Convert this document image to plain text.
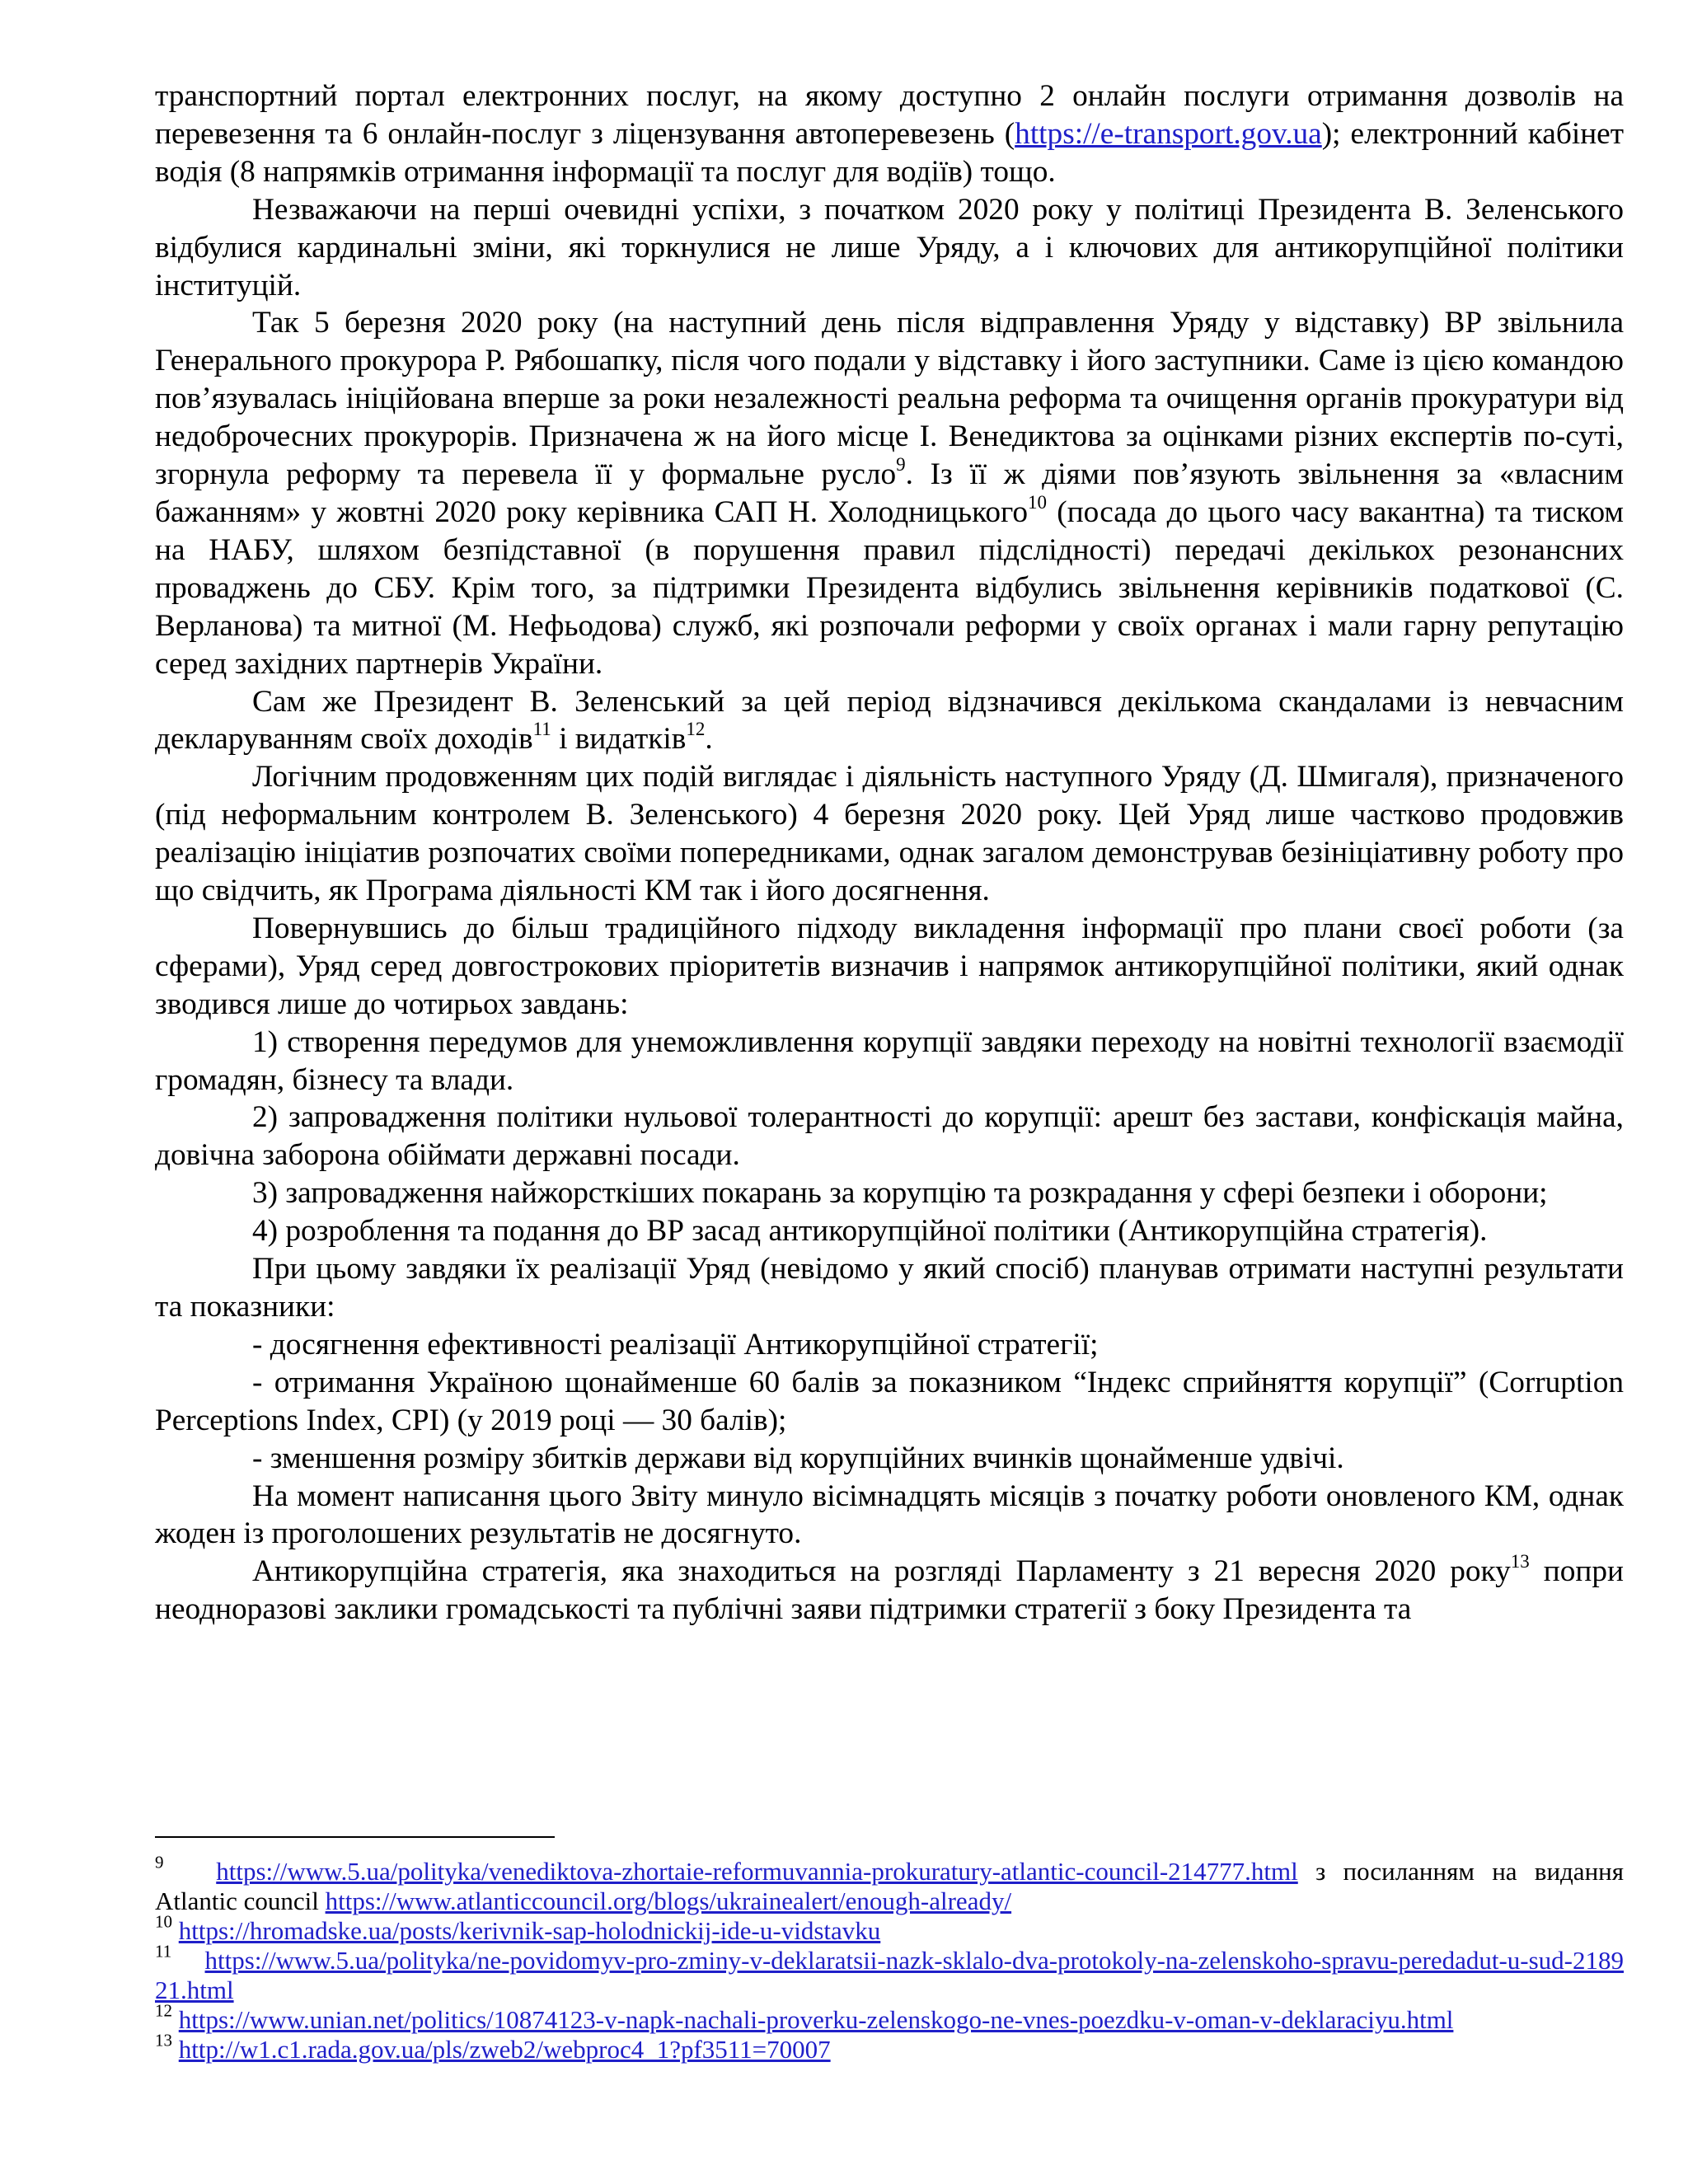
транспортний портал електронних послуг, на якому доступно 2 онлайн послуги отримання дозволів на перевезення та 6 онлайн-послуг з ліцензування автоперевезень (https://e-transport.gov.ua); електронний кабінет водія (8 напрямків отримання інформації та послуг для водіїв) тощо.

Незважаючи на перші очевидні успіхи, з початком 2020 року у політиці Президента В. Зеленського відбулися кардинальні зміни, які торкнулися не лише Уряду, а і ключових для антикорупційної політики інституцій.

Так 5 березня 2020 року (на наступний день після відправлення Уряду у відставку) ВР звільнила Генерального прокурора Р. Рябошапку, після чого подали у відставку і його заступники. Саме із цією командою пов’язувалась ініційована вперше за роки незалежності реальна реформа та очищення органів прокуратури від недоброчесних прокурорів. Призначена ж на його місце І. Венедиктова за оцінками різних експертів по-суті, згорнула реформу та перевела її у формальне русло$^9$. Із її ж діями пов’язують звільнення за «власним бажанням» у жовтні 2020 року керівника САП Н. Холодницького$^{10}$ (посада до цього часу вакантна) та тиском на НАБУ, шляхом безпідставної (в порушення правил підслідності) передачі декількох резонансних проваджень до СБУ. Крім того, за підтримки Президента відбулись звільнення керівників податкової (С. Верланова) та митної (М. Нефьодова) служб, які розпочали реформи у своїх органах і мали гарну репутацію серед західних партнерів України.

Сам же Президент В. Зеленський за цей період відзначився декількома скандалами із невчасним декларуванням своїх доходів$^{11}$ і видатків$^{12}$.

Логічним продовженням цих подій виглядає і діяльність наступного Уряду (Д. Шмигаля), призначеного (під неформальним контролем В. Зеленського) 4 березня 2020 року. Цей Уряд лише частково продовжив реалізацію ініціатив розпочатих своїми попередниками, однак загалом демонстрував безініціативну роботу про що свідчить, як Програма діяльності КМ так і його досягнення.

Повернувшись до більш традиційного підходу викладення інформації про плани своєї роботи (за сферами), Уряд серед довгострокових пріоритетів визначив і напрямок антикорупційної політики, який однак зводився лише до чотирьох завдань:

1) створення передумов для унеможливлення корупції завдяки переходу на новітні технології взаємодії громадян, бізнесу та влади.

2) запровадження політики нульової толерантності до корупції: арешт без застави, конфіскація майна, довічна заборона обіймати державні посади.

3) запровадження найжорсткіших покарань за корупцію та розкрадання у сфері безпеки і оборони;

4) розроблення та подання до ВР засад антикорупційної політики (Антикорупційна стратегія).

При цьому завдяки їх реалізації Уряд (невідомо у який спосіб) планував отримати наступні результати та показники:

- досягнення ефективності реалізації Антикорупційної стратегії;

- отримання Україною щонайменше 60 балів за показником “Індекс сприйняття корупції” (Corruption Perceptions Index, CPI) (у 2019 році — 30 балів);

- зменшення розміру збитків держави від корупційних вчинків щонайменше удвічі.

На момент написання цього Звіту минуло вісімнадцять місяців з початку роботи оновленого КМ, однак жоден із проголошених результатів не досягнуто.

Антикорупційна стратегія, яка знаходиться на розгляді Парламенту з 21 вересня 2020 року$^{13}$ попри неодноразові заклики громадськості та публічні заяви підтримки стратегії з боку Президента та

$^9$ https://www.5.ua/polityka/venediktova-zhortaie-reformuvannia-prokuratury-atlantic-council-214777.html з посиланням на видання Atlantic council https://www.atlanticcouncil.org/blogs/ukrainealert/enough-already/

$^{10}$ https://hromadske.ua/posts/kerivnik-sap-holodnickij-ide-u-vidstavku

$^{11}$ https://www.5.ua/polityka/ne-povidomyv-pro-zminy-v-deklaratsii-nazk-sklalo-dva-protokoly-na-zelenskoho-spravu-peredadut-u-sud-218921.html

$^{12}$ https://www.unian.net/politics/10874123-v-napk-nachali-proverku-zelenskogo-ne-vnes-poezdku-v-oman-v-deklaraciyu.html

$^{13}$ http://w1.c1.rada.gov.ua/pls/zweb2/webproc4_1?pf3511=70007
